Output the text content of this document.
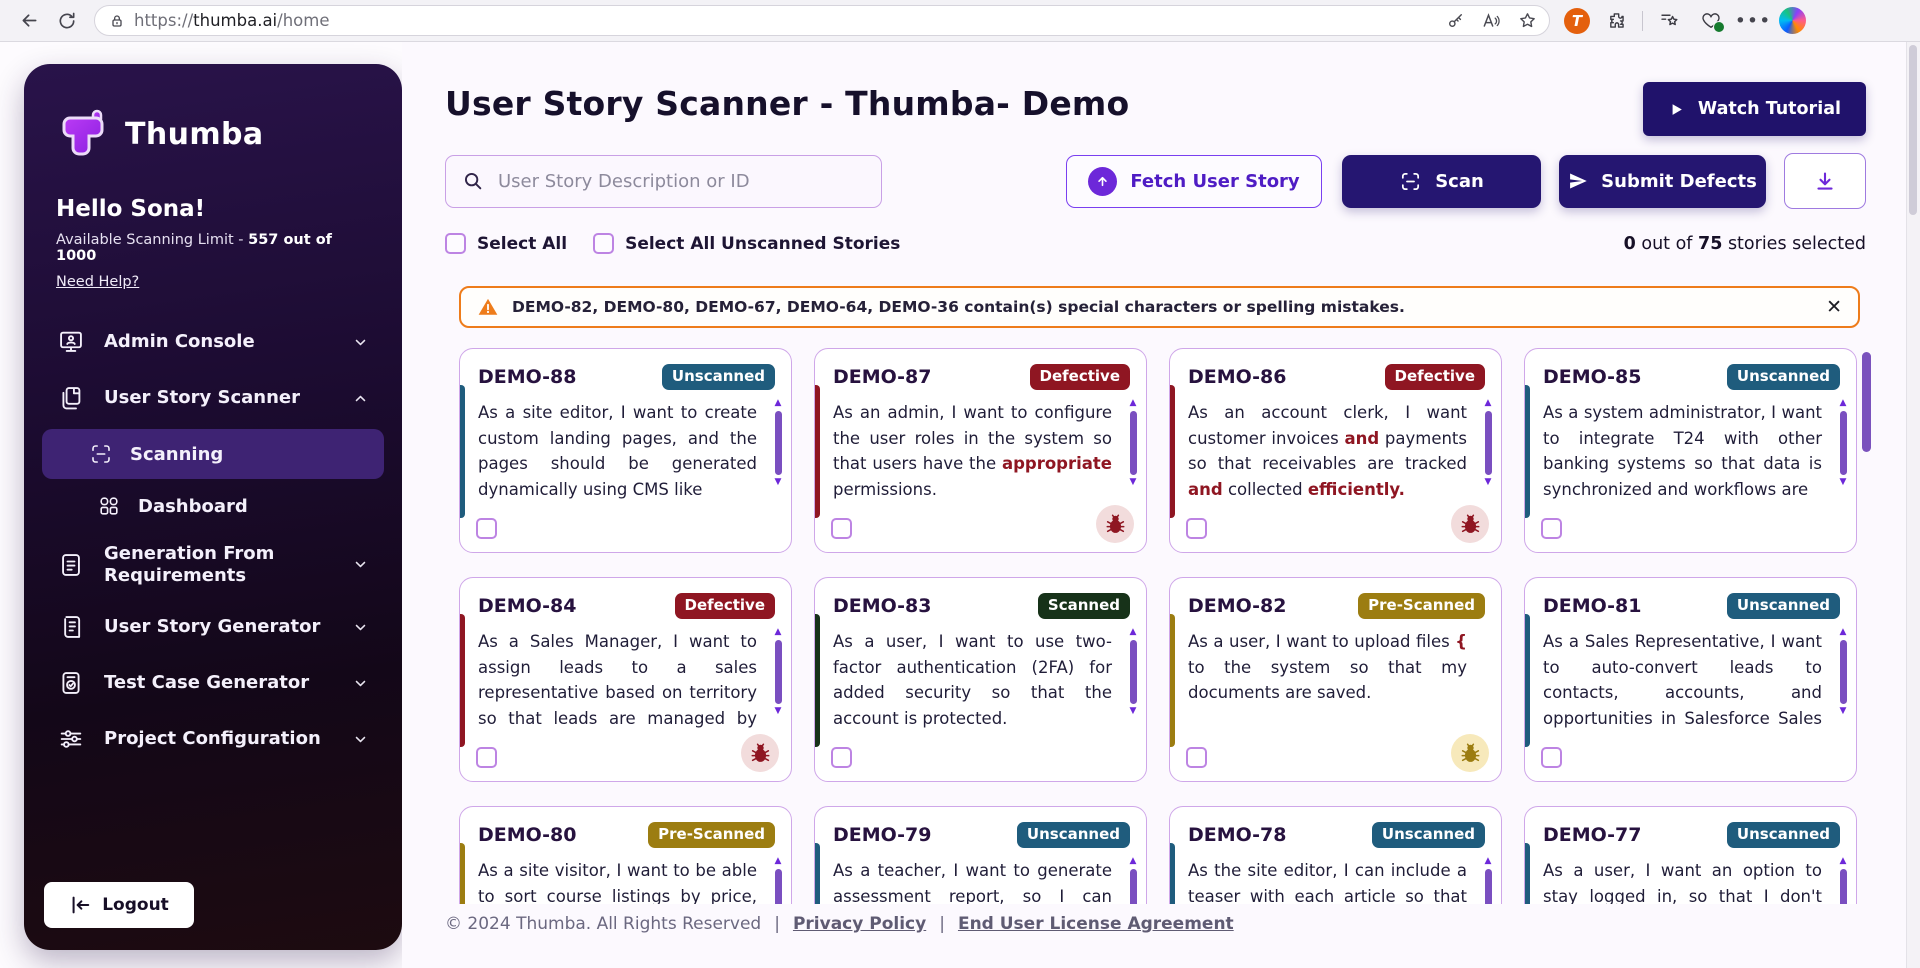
https://thumba.ai/home	T	•••
Thumba
Hello Sona!
Available Scanning Limit - 557 out of 1000
Need Help?
Admin Console
User Story Scanner
Scanning
Dashboard
Generation From Requirements
User Story Generator
Test Case Generator
Project Configuration
Logout
User Story Scanner - Thumba- Demo	Watch Tutorial
User Story Description or ID
Fetch User Story	Scan	Submit Defects
Select All	Select All Unscanned Stories	0 out of 75 stories selected
DEMO-82, DEMO-80, DEMO-67, DEMO-64, DEMO-36 contain(s) special characters or spelling mistakes.	✕
DEMO-88	Unscanned
As a site editor, I want to create custom landing pages, and the pages should be generated dynamically using CMS like
▲
▼
DEMO-87	Defective
As an admin, I want to configure the user roles in the system so that users have the appropriate permissions.
▲
▼
DEMO-86	Defective
As an account clerk, I want customer invoices and payments so that receivables are tracked and collected efficiently.
▲
▼
DEMO-85	Unscanned
As a system administrator, I want to integrate T24 with other banking systems so that data is synchronized and workflows are
▲
▼
DEMO-84	Defective
As a Sales Manager, I want to assign leads to a sales representative based on territory so that leads are managed by
▲
▼
DEMO-83	Scanned
As a user, I want to use two-factor authentication (2FA) for added security so that the account is protected.
▲
▼
DEMO-82	Pre-Scanned
As a user, I want to upload files { to the system so that my documents are saved.
DEMO-81	Unscanned
As a Sales Representative, I want to auto-convert leads to contacts, accounts, and opportunities in Salesforce Sales
▲
▼
DEMO-80	Pre-Scanned
As a site visitor, I want to be able to sort course listings by price,
▲
DEMO-79	Unscanned
As a teacher, I want to generate assessment report, so I can
▲
DEMO-78	Unscanned
As the site editor, I can include a teaser with each article so that
▲
DEMO-77	Unscanned
As a user, I want an option to stay logged in, so that I don't
▲
© 2024 Thumba. All Rights Reserved | Privacy Policy | End User License Agreement
